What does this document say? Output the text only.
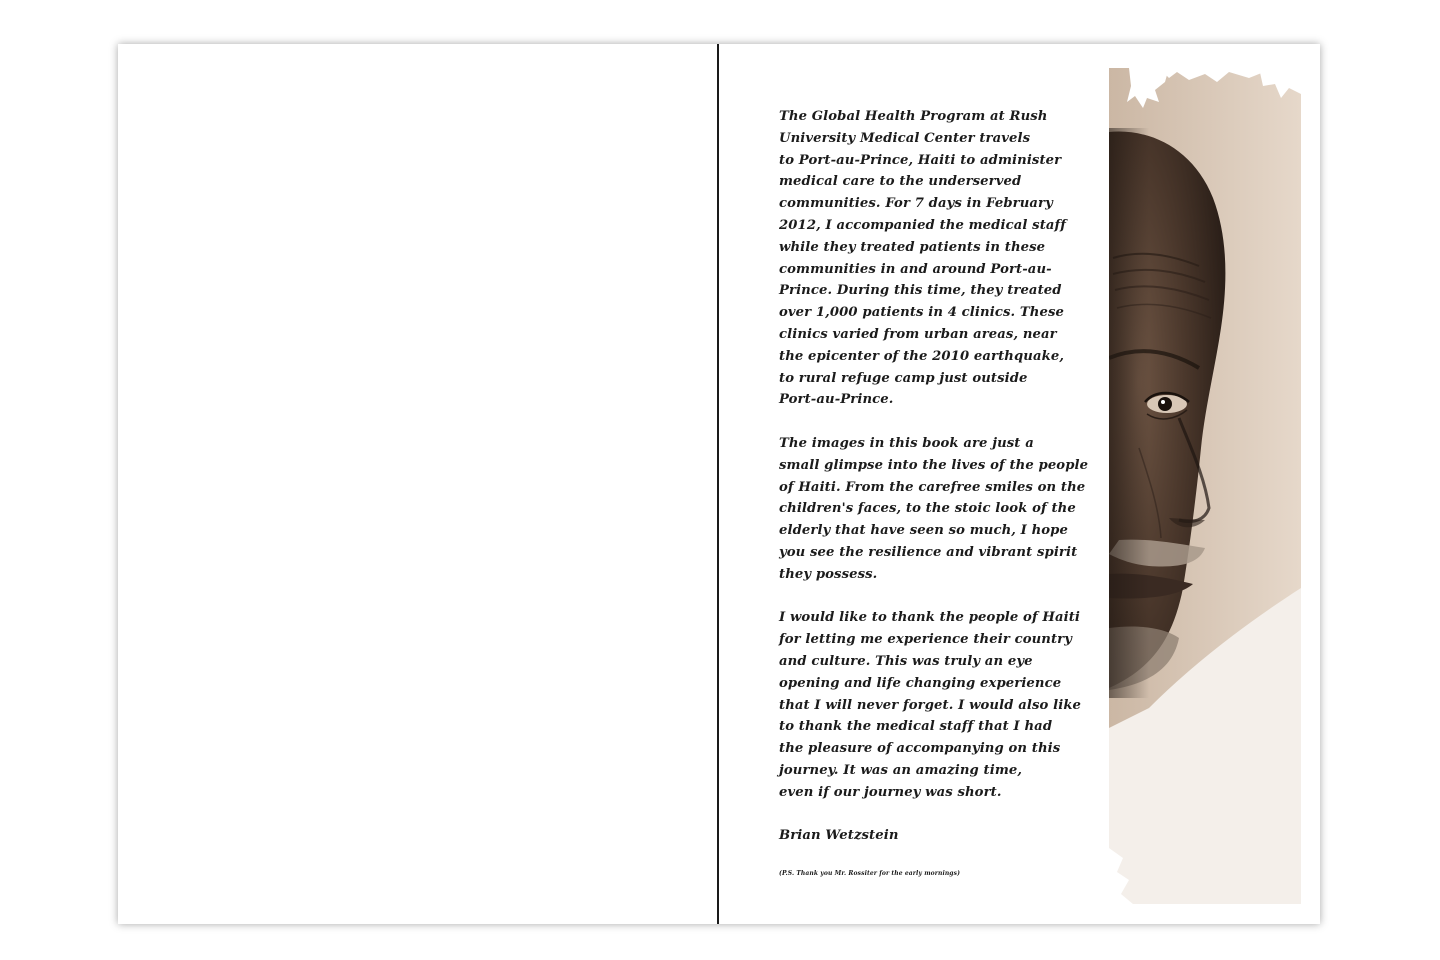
The Global Health Program at Rush
University Medical Center travels
to Port-au-Prince, Haiti to administer
medical care to the underserved
communities. For 7 days in February
2012, I accompanied the medical staff
while they treated patients in these
communities in and around Port-au-
Prince. During this time, they treated
over 1,000 patients in 4 clinics. These
clinics varied from urban areas, near
the epicenter of the 2010 earthquake,
to rural refuge camp just outside
Port-au-Prince.

The images in this book are just a
small glimpse into the lives of the people
of Haiti. From the carefree smiles on the
children's faces, to the stoic look of the
elderly that have seen so much, I hope
you see the resilience and vibrant spirit
they possess.

I would like to thank the people of Haiti
for letting me experience their country
and culture. This was truly an eye
opening and life changing experience
that I will never forget. I would also like
to thank the medical staff that I had
the pleasure of accompanying on this
journey. It was an amazing time,
even if our journey was short.

Brian Wetzstein

(P.S. Thank you Mr. Rossiter for the early mornings)
